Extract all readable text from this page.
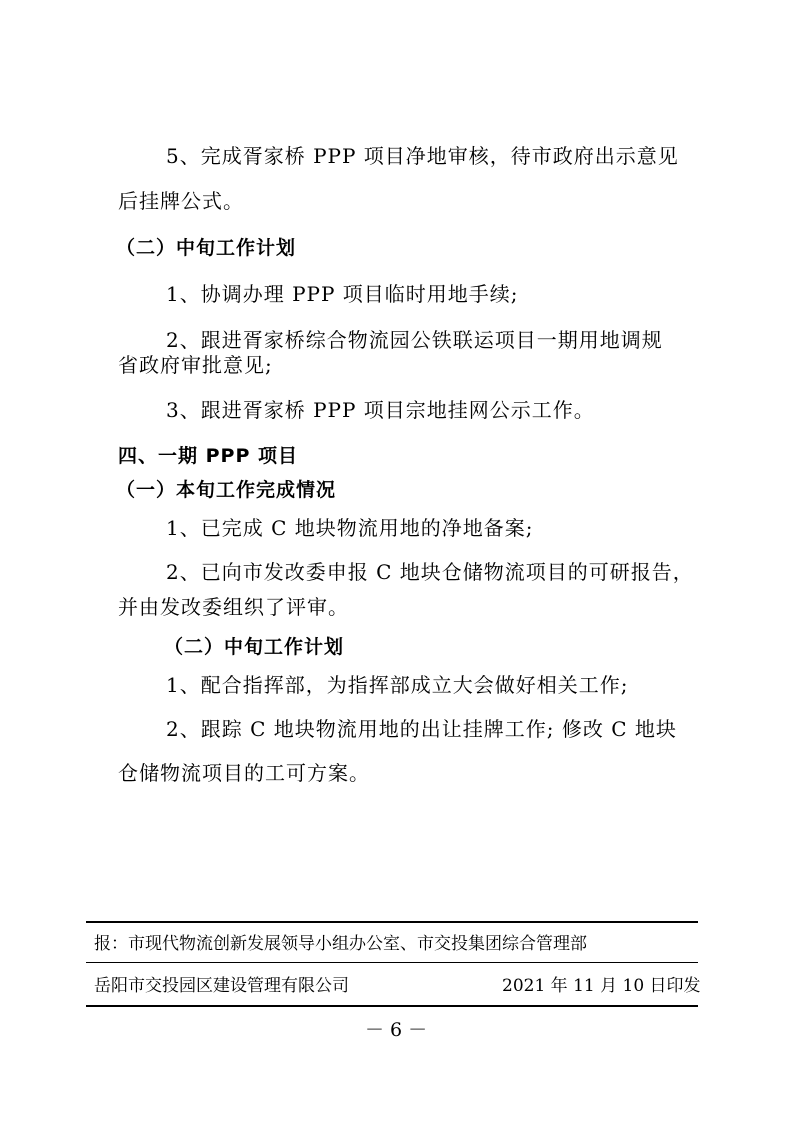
5、完成胥家桥 PPP 项目净地审核，待市政府出示意见
后挂牌公式。
（二）中旬工作计划
1、协调办理 PPP 项目临时用地手续;
2、跟进胥家桥综合物流园公铁联运项目一期用地调规
省政府审批意见;
3、跟进胥家桥 PPP 项目宗地挂网公示工作。
四、一期 PPP 项目
（一）本旬工作完成情况
1、已完成 C 地块物流用地的净地备案;
2、已向市发改委申报 C 地块仓储物流项目的可研报告，
并由发改委组织了评审。
（二）中旬工作计划
1、配合指挥部，为指挥部成立大会做好相关工作;
2、跟踪 C 地块物流用地的出让挂牌工作; 修改 C 地块
仓储物流项目的工可方案。
报：市现代物流创新发展领导小组办公室、市交投集团综合管理部
岳阳市交投园区建设管理有限公司	2021 年 11 月 10 日印发
－ 6 －
